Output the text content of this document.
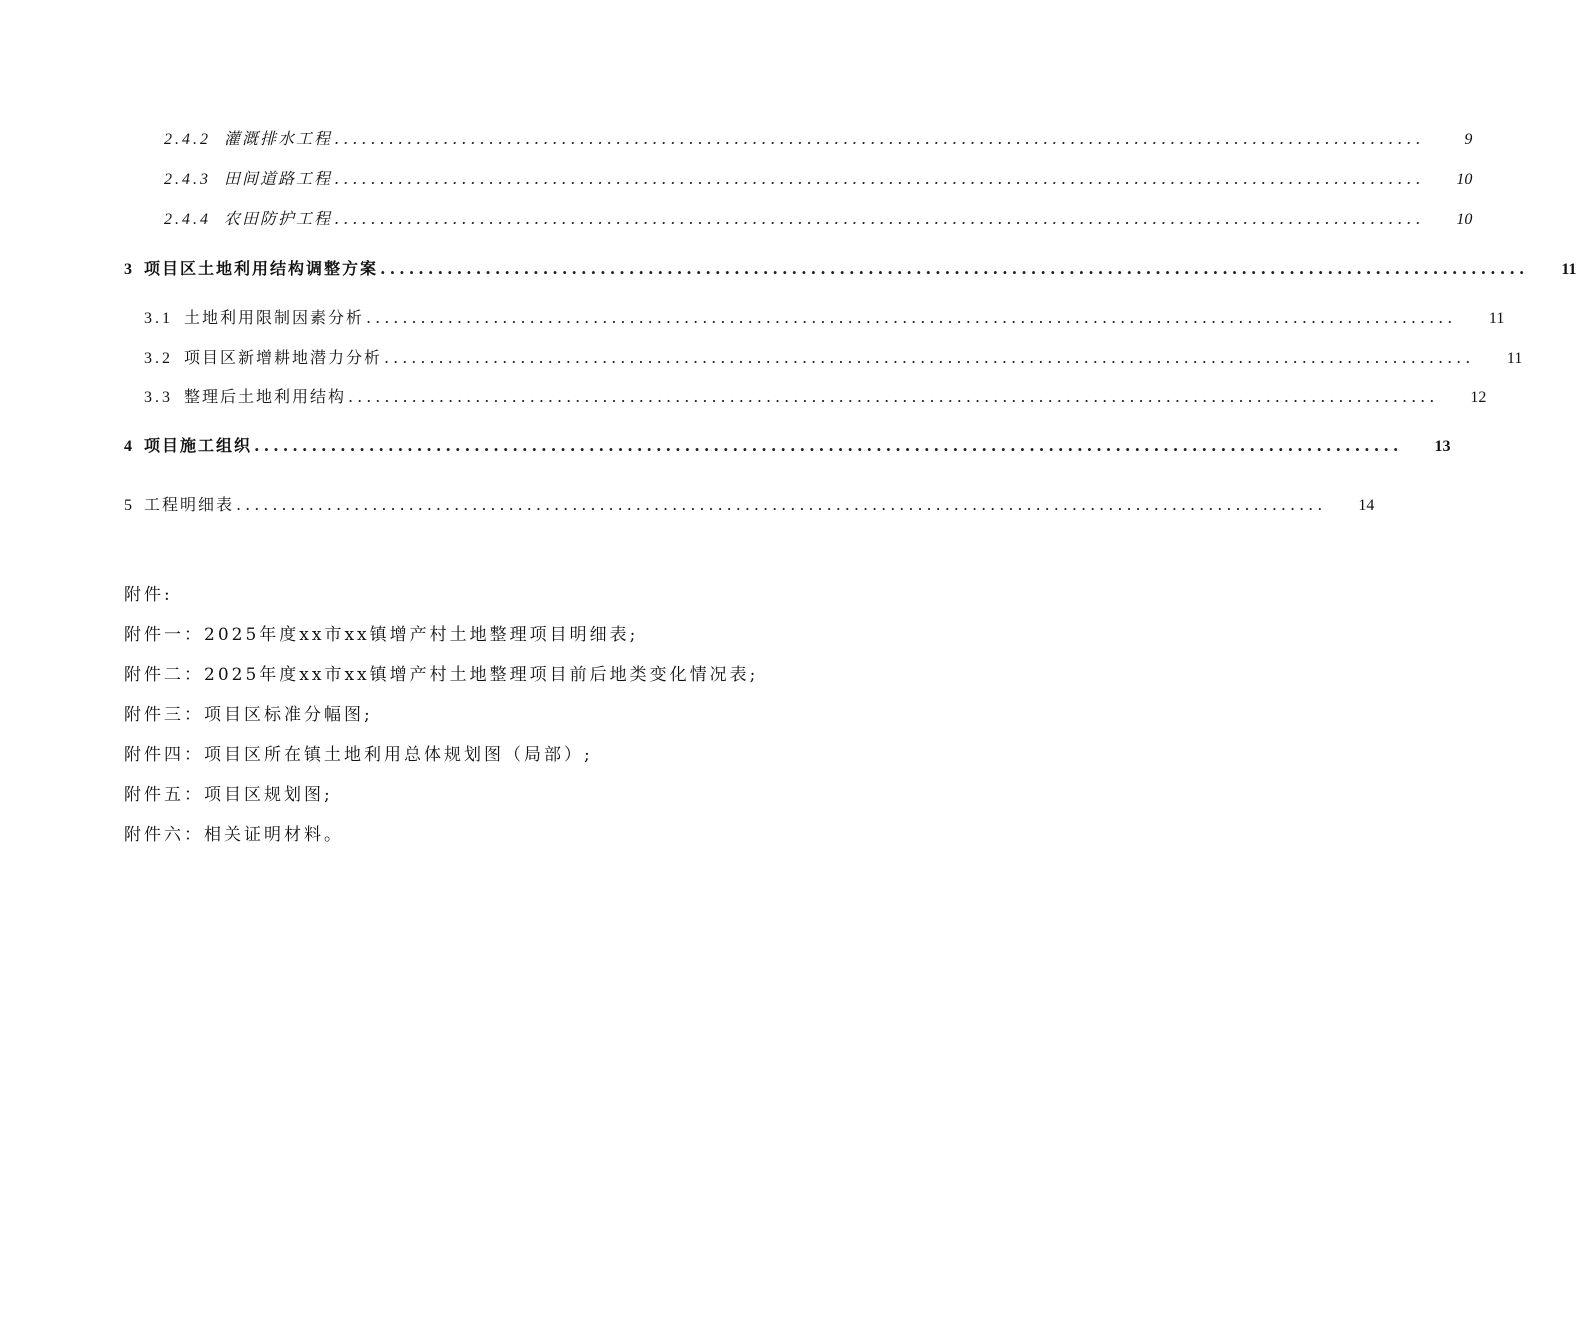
2.4.2 灌溉排水工程 ........................................................................................................................	9
2.4.3 田间道路工程 ........................................................................................................................	10
2.4.4 农田防护工程 ........................................................................................................................	10
3 项目区土地利用结构调整方案 ........................................................................................................................	11
3.1 土地利用限制因素分析 ........................................................................................................................	11
3.2 项目区新增耕地潜力分析 ........................................................................................................................	11
3.3 整理后土地利用结构 ........................................................................................................................	12
4 项目施工组织 ........................................................................................................................	13
5 工程明细表 ........................................................................................................................	14
附件:
附件一：2025年度xx市xx镇增产村土地整理项目明细表;
附件二：2025年度xx市xx镇增产村土地整理项目前后地类变化情况表;
附件三：项目区标准分幅图;
附件四：项目区所在镇土地利用总体规划图（局部）;
附件五：项目区规划图;
附件六：相关证明材料。
